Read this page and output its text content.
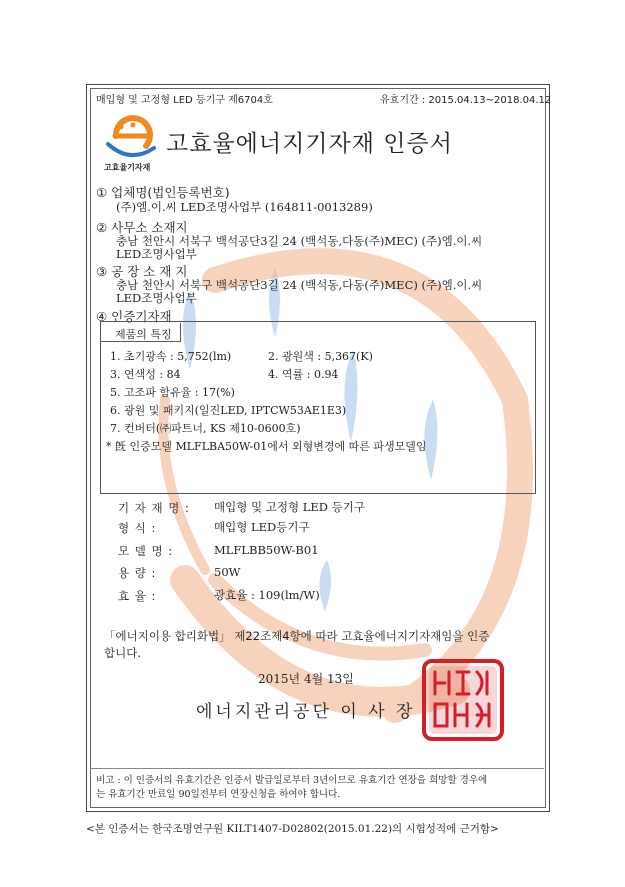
매입형 및 고정형 LED 등기구 제6704호	유효기간 : 2015.04.13~2018.04.12
고효율기자재
고효율에너지기자재 인증서
① 업체명(법인등록번호)
(주)엠.이.씨 LED조명사업부 (164811-0013289)
② 사무소 소재지
충남 천안시 서북구 백석공단3길 24 (백석동,다동(주)MEC) (주)엠.이.씨
LED조명사업부
③ 공 장 소 재 지
충남 천안시 서북구 백석공단3길 24 (백석동,다동(주)MEC) (주)엠.이.씨
LED조명사업부
④ 인증기자재
제품의 특징
1. 초기광속 : 5,752(lm)	2. 광원색 : 5,367(K)
3. 연색성 : 84	4. 역률 : 0.94
5. 고조파 함유율 : 17(%)
6. 광원 및 패키지(일진LED, IPTCW53AE1E3)
7. 컨버터(㈜파트너, KS 제10-0600호)
* 旣 인증모델 MLFLBA50W-01에서 외형변경에 따른 파생모델임
기 자 재 명 : 매입형 및 고정형 LED 등기구
형 식 :	매입형 LED등기구
모 델 명 :	MLFLBB50W-B01
용 량 :	50W
효 율 :	광효율 : 109(lm/W)
「에너지이용 합리화법」 제22조제4항에 따라 고효율에너지기자재임을 인증
합니다.
2015년 4월 13일
에너지관리공단 이 사 장
비고 : 이 인증서의 유효기간은 인증서 발급일로부터 3년이므로 유효기간 연장을 희망할 경우에
는 유효기간 만료일 90일전부터 연장신청을 하여야 합니다.
<본 인증서는 한국조명연구원 KILT1407-D02802(2015.01.22)의 시험성적에 근거함>
